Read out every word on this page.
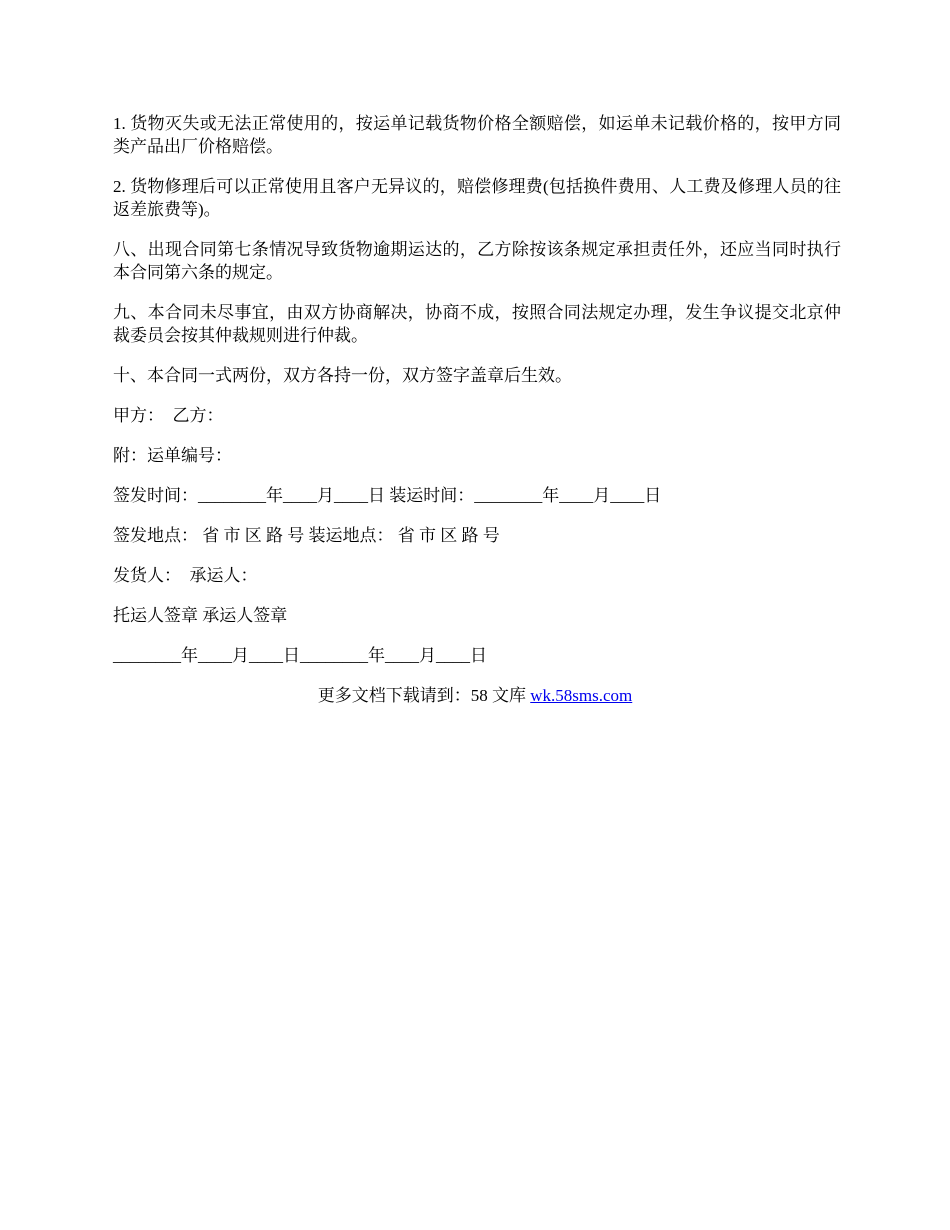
1. 货物灭失或无法正常使用的，按运单记载货物价格全额赔偿，如运单未记载价格的，按甲方同类产品出厂价格赔偿。

2. 货物修理后可以正常使用且客户无异议的，赔偿修理费(包括换件费用、人工费及修理人员的往返差旅费等)。

八、出现合同第七条情况导致货物逾期运达的，乙方除按该条规定承担责任外，还应当同时执行本合同第六条的规定。

九、本合同未尽事宜，由双方协商解决，协商不成，按照合同法规定办理，发生争议提交北京仲裁委员会按其仲裁规则进行仲裁。

十、本合同一式两份，双方各持一份，双方签字盖章后生效。

甲方：  乙方：
附：运单编号：
签发时间：________年____月____日 装运时间：________年____月____日
签发地点： 省 市 区 路 号 装运地点： 省 市 区 路 号
发货人：  承运人：
托运人签章 承运人签章
________年____月____日________年____月____日
更多文档下载请到：58 文库 wk.58sms.com
